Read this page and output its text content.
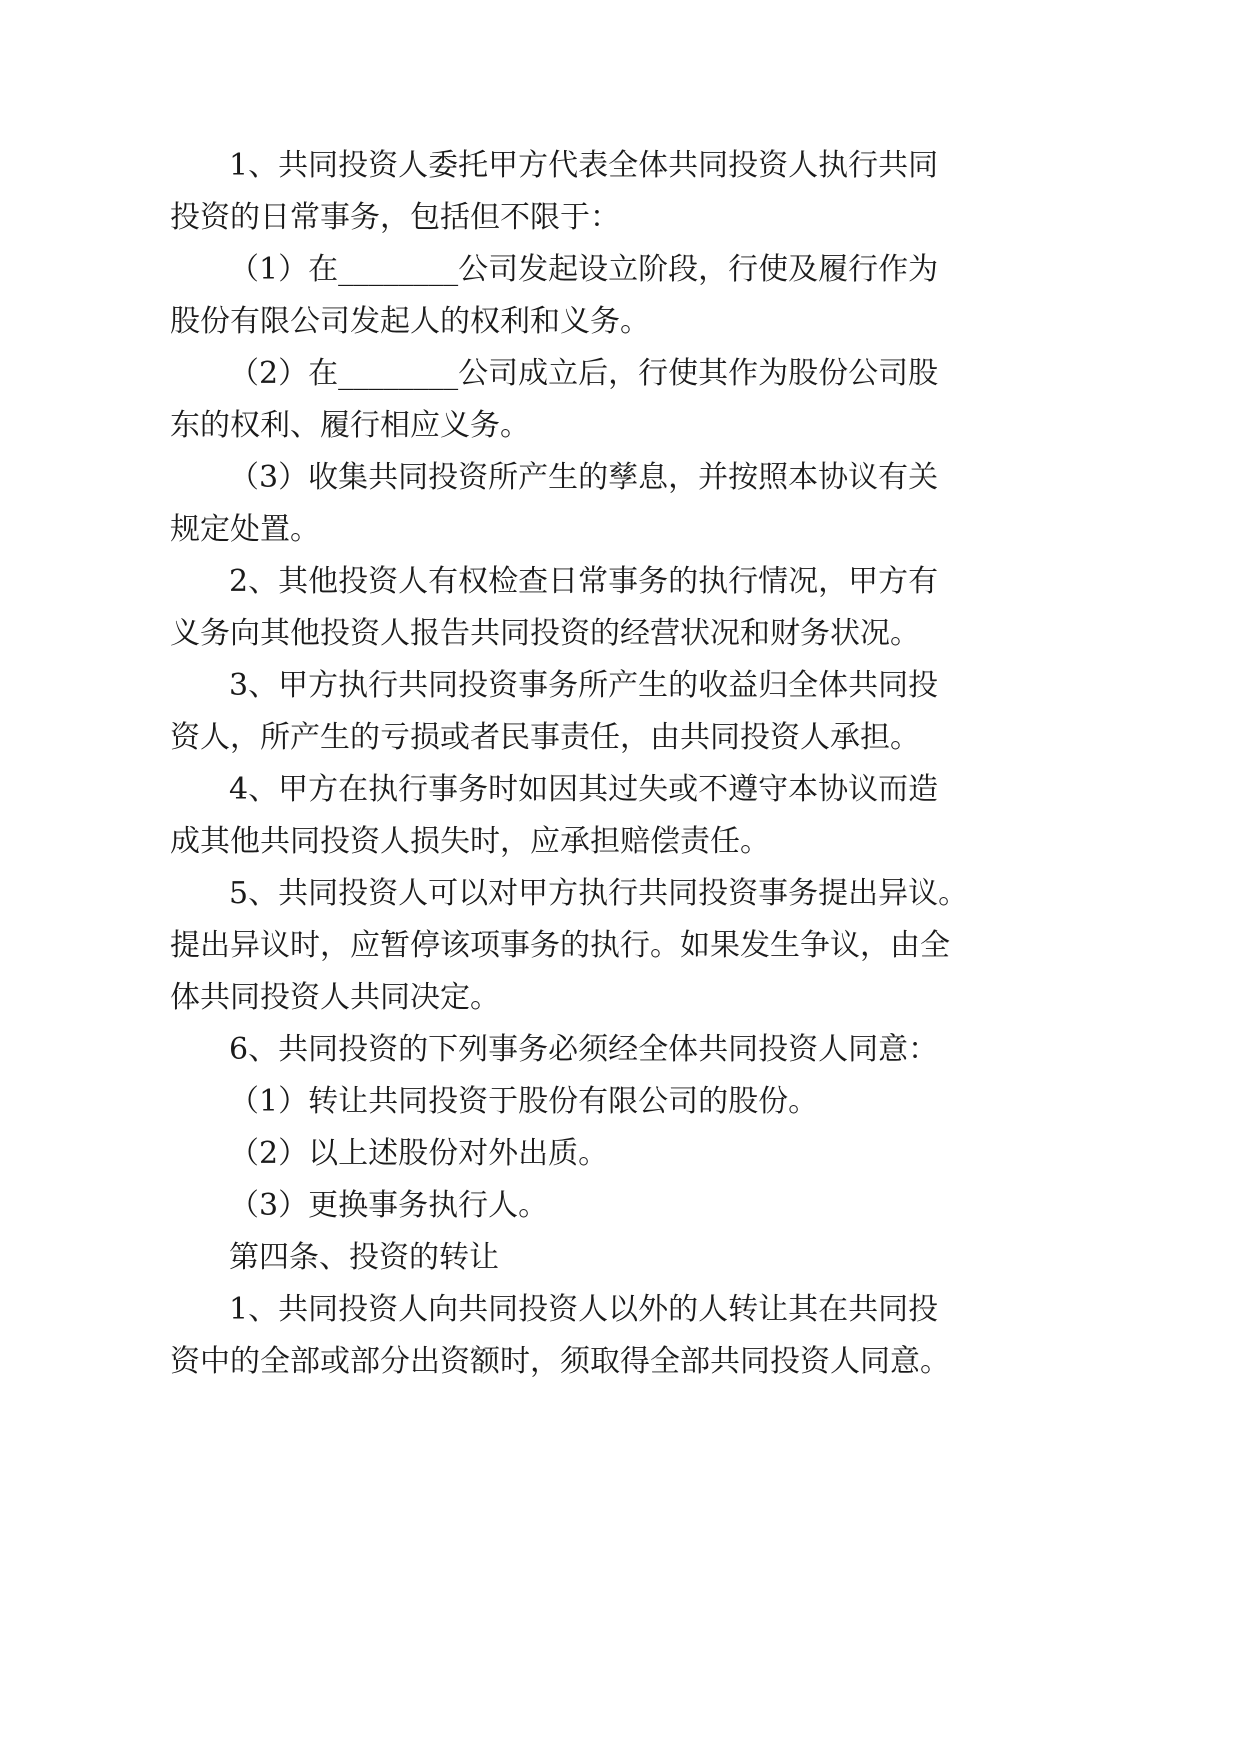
1、共同投资人委托甲方代表全体共同投资人执行共同

投资的日常事务，包括但不限于：

（1）在________公司发起设立阶段，行使及履行作为

股份有限公司发起人的权利和义务。

（2）在________公司成立后，行使其作为股份公司股

东的权利、履行相应义务。

（3）收集共同投资所产生的孳息，并按照本协议有关

规定处置。

2、其他投资人有权检查日常事务的执行情况，甲方有

义务向其他投资人报告共同投资的经营状况和财务状况。

3、甲方执行共同投资事务所产生的收益归全体共同投

资人，所产生的亏损或者民事责任，由共同投资人承担。

4、甲方在执行事务时如因其过失或不遵守本协议而造

成其他共同投资人损失时，应承担赔偿责任。

5、共同投资人可以对甲方执行共同投资事务提出异议。

提出异议时，应暂停该项事务的执行。如果发生争议，由全

体共同投资人共同决定。

6、共同投资的下列事务必须经全体共同投资人同意：

（1）转让共同投资于股份有限公司的股份。

（2）以上述股份对外出质。

（3）更换事务执行人。

第四条、投资的转让

1、共同投资人向共同投资人以外的人转让其在共同投

资中的全部或部分出资额时，须取得全部共同投资人同意。
